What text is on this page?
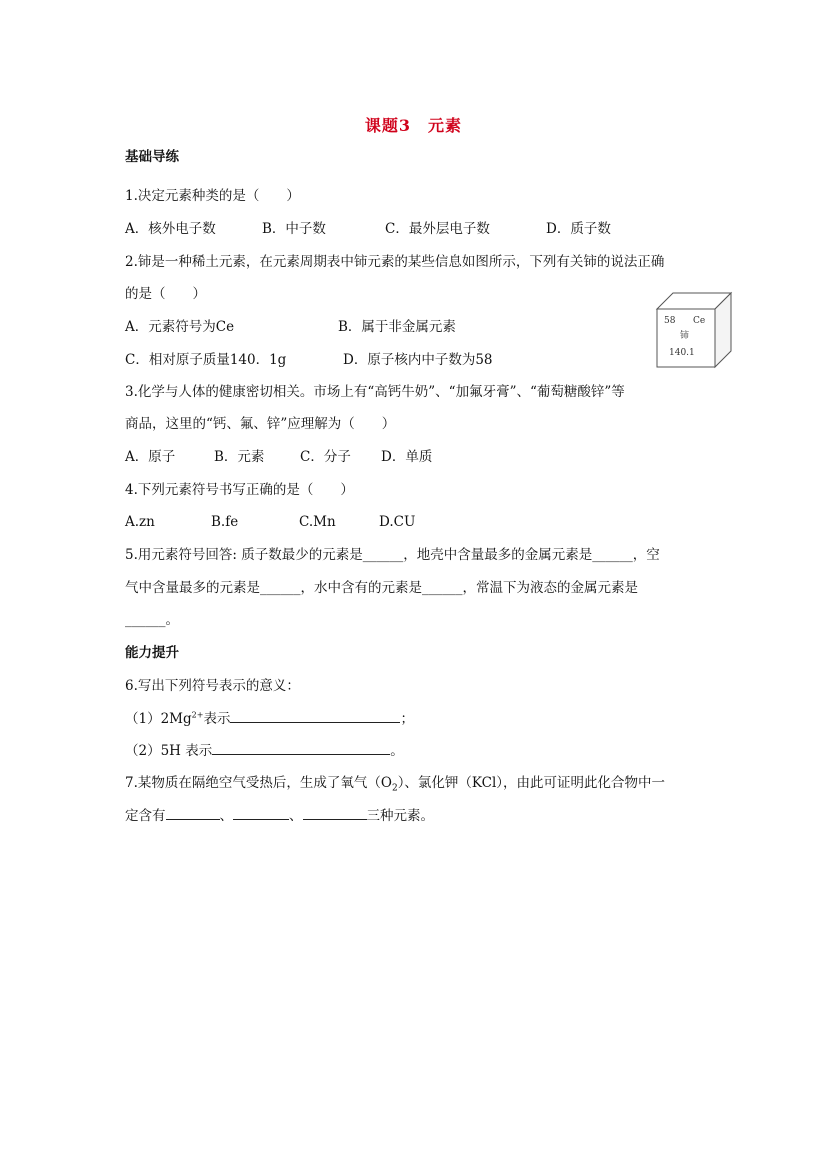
课题3　元素
基础导练
1.决定元素种类的是（　　）
A．核外电子数	B．中子数	C．最外层电子数	D．质子数
2.铈是一种稀土元素，在元素周期表中铈元素的某些信息如图所示，下列有关铈的说法正确
的是（　　）
A．元素符号为Ce	B．属于非金属元素
C．相对原子质量140．1g	D．原子核内中子数为58
58 Ce
铈
140.1
3.化学与人体的健康密切相关。市场上有“高钙牛奶”、“加氟牙膏”、“葡萄糖酸锌”等
商品，这里的“钙、氟、锌”应理解为（　　）
A．原子	B．元素	C．分子 D．单质
4.下列元素符号书写正确的是（　　）
A.zn	B.fe	C.Mn	D.CU
5.用元素符号回答: 质子数最少的元素是______，地壳中含量最多的金属元素是______，空
气中含量最多的元素是______，水中含有的元素是______，常温下为液态的金属元素是
______。
能力提升
6.写出下列符号表示的意义：
$(1)2Mg^{2+}$表示	；
（2）5H 表示	。
7.某物质在隔绝空气受热后，生成了氧气$(O_2)$、氯化钾（KCl），由此可证明此化合物中一
定含有	、	、	三种元素。
